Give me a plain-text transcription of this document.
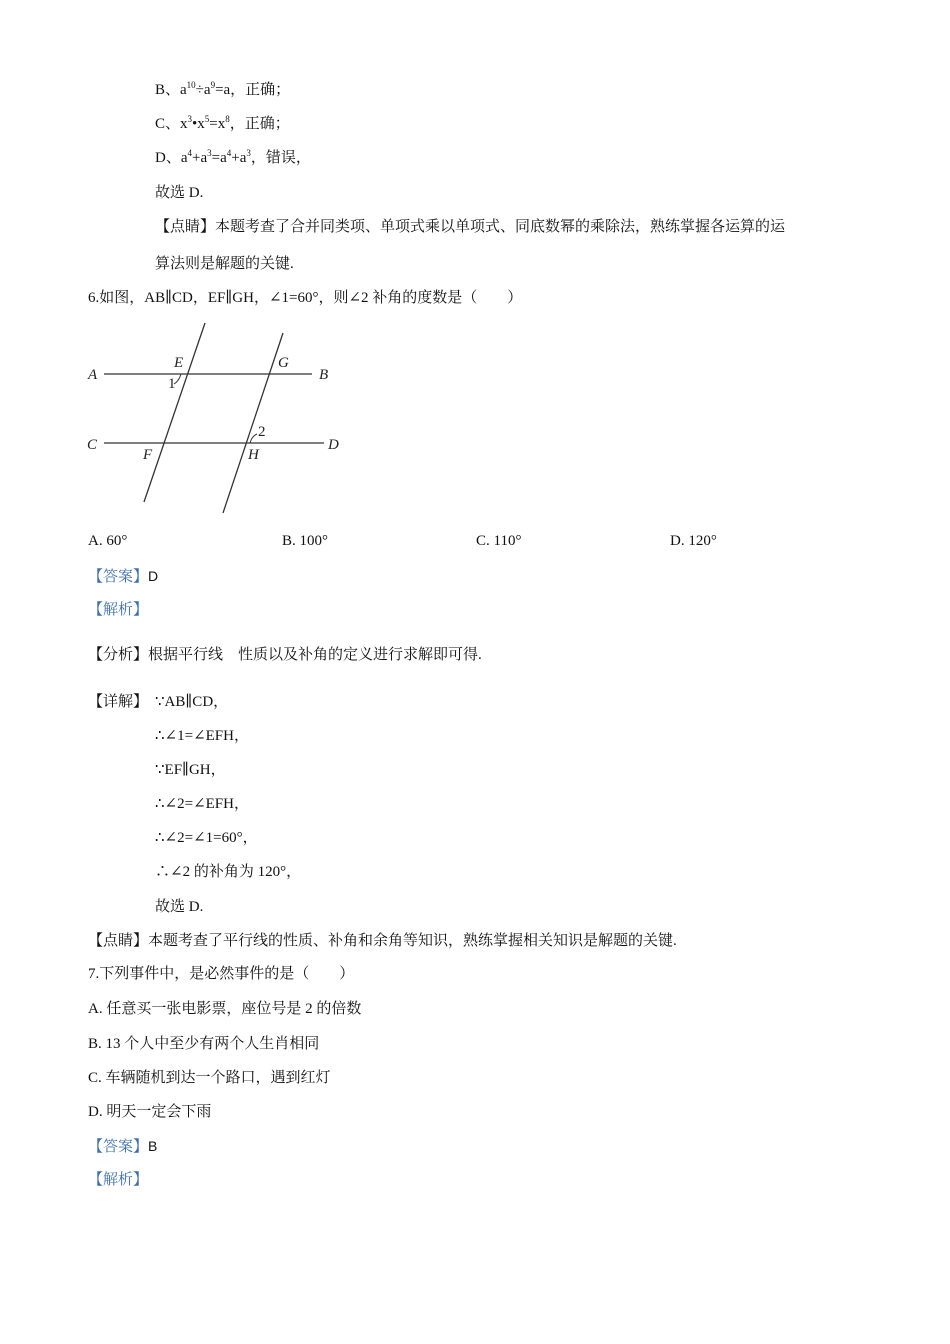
B、$a^{10}\div a^9=a$，正确；
C、$x^3•x^5=x^8$，正确；
D、$a^4+a^3=a^4+a^3$，错误，
故选 D.
【点睛】本题考查了合并同类项、单项式乘以单项式、同底数幂的乘除法，熟练掌握各运算的运
算法则是解题的关键.
6.如图，AB∥CD，EF∥GH，∠1=60°，则∠2 补角的度数是（　　）
A	B
C	D
E
F
G
H
1
2
A. 60°	B. 100°	C. 110°	D. 120°
【答案】D
【解析】
【分析】根据平行线　性质以及补角的定义进行求解即可得.
【详解】 ∵AB∥CD，
∴∠1=∠EFH，
∵EF∥GH，
∴∠2=∠EFH，
∴∠2=∠1=60°，
∴∠2 的补角为 120°，
故选 D.
【点睛】本题考查了平行线的性质、补角和余角等知识，熟练掌握相关知识是解题的关键.
7.下列事件中，是必然事件的是（　　）
A. 任意买一张电影票，座位号是 2 的倍数
B. 13 个人中至少有两个人生肖相同
C. 车辆随机到达一个路口，遇到红灯
D. 明天一定会下雨
【答案】B
【解析】
